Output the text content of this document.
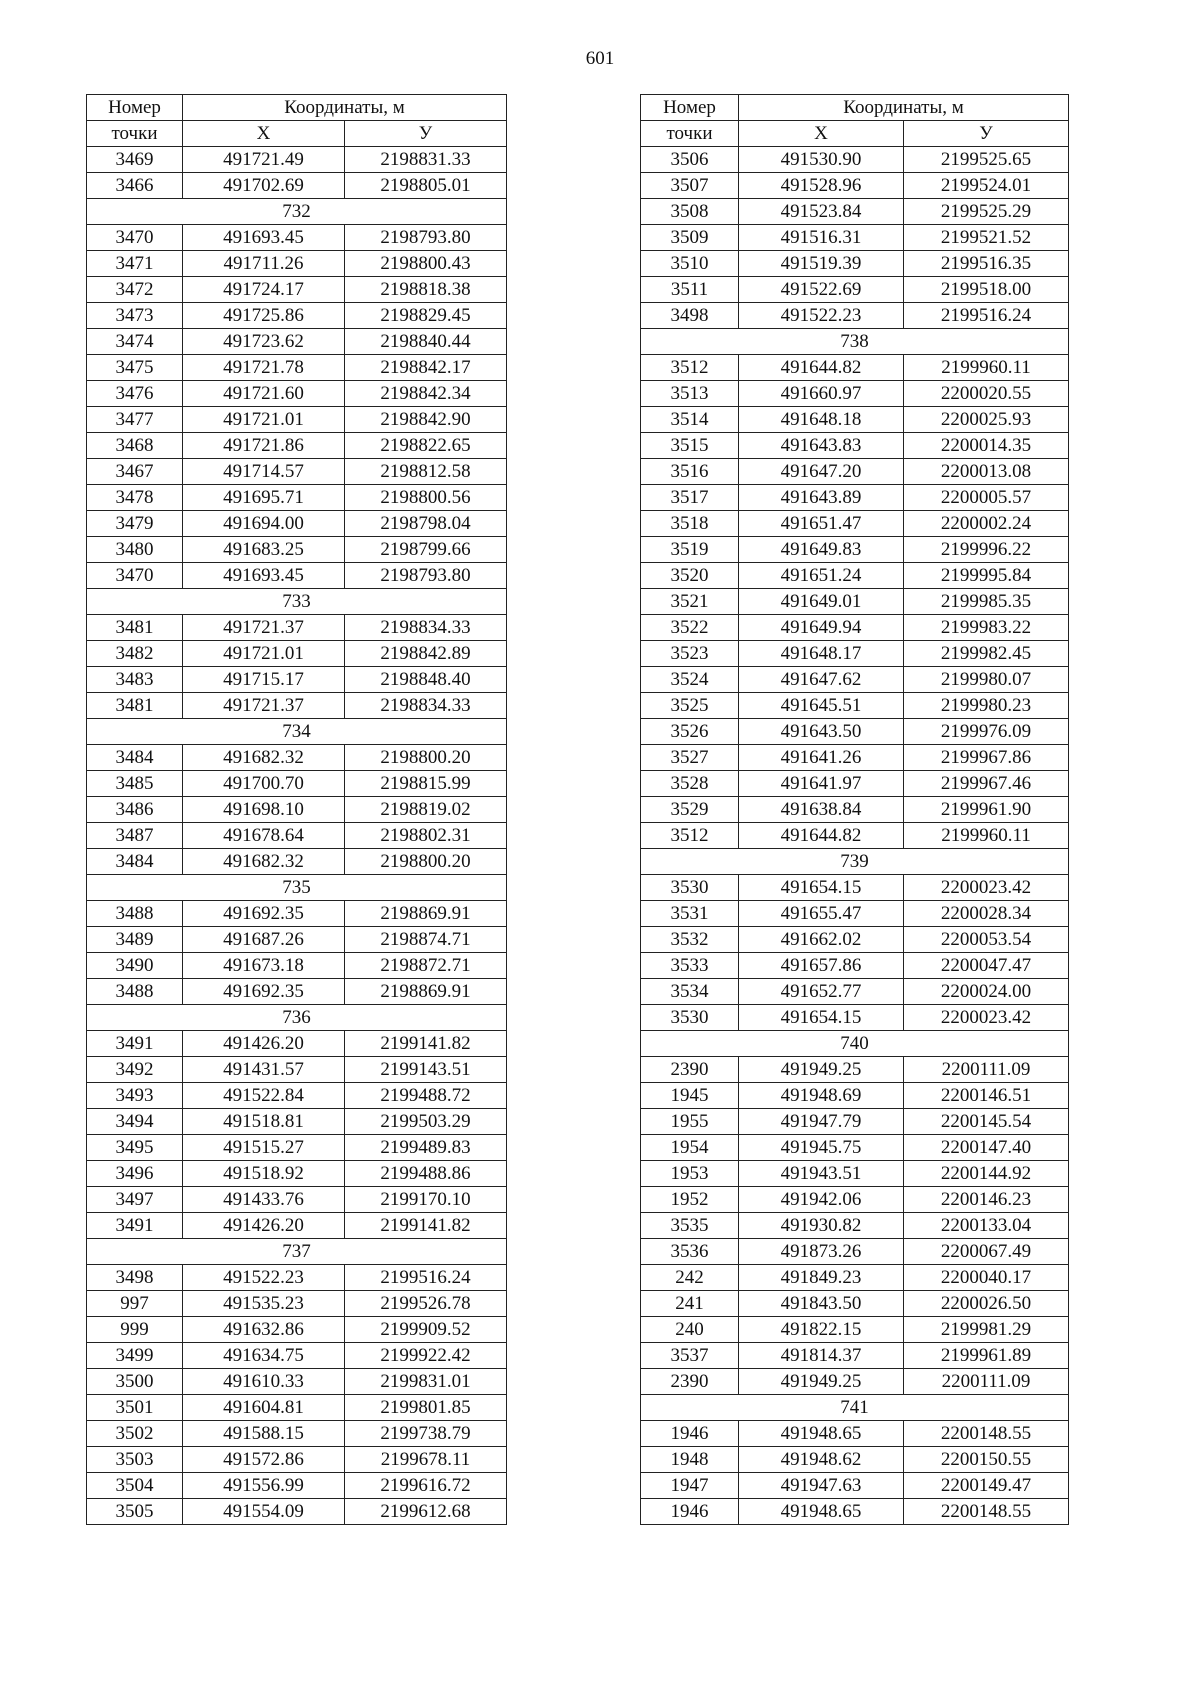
601
Номер	Координаты, м	
точки	X	У
3469	491721.49	2198831.33
3466	491702.69	2198805.01
732		
3470	491693.45	2198793.80
3471	491711.26	2198800.43
3472	491724.17	2198818.38
3473	491725.86	2198829.45
3474	491723.62	2198840.44
3475	491721.78	2198842.17
3476	491721.60	2198842.34
3477	491721.01	2198842.90
3468	491721.86	2198822.65
3467	491714.57	2198812.58
3478	491695.71	2198800.56
3479	491694.00	2198798.04
3480	491683.25	2198799.66
3470	491693.45	2198793.80
733		
3481	491721.37	2198834.33
3482	491721.01	2198842.89
3483	491715.17	2198848.40
3481	491721.37	2198834.33
734		
3484	491682.32	2198800.20
3485	491700.70	2198815.99
3486	491698.10	2198819.02
3487	491678.64	2198802.31
3484	491682.32	2198800.20
735		
3488	491692.35	2198869.91
3489	491687.26	2198874.71
3490	491673.18	2198872.71
3488	491692.35	2198869.91
736		
3491	491426.20	2199141.82
3492	491431.57	2199143.51
3493	491522.84	2199488.72
3494	491518.81	2199503.29
3495	491515.27	2199489.83
3496	491518.92	2199488.86
3497	491433.76	2199170.10
3491	491426.20	2199141.82
737		
3498	491522.23	2199516.24
997	491535.23	2199526.78
999	491632.86	2199909.52
3499	491634.75	2199922.42
3500	491610.33	2199831.01
3501	491604.81	2199801.85
3502	491588.15	2199738.79
3503	491572.86	2199678.11
3504	491556.99	2199616.72
3505	491554.09	2199612.68
Номер	Координаты, м	
точки	X	У
3506	491530.90	2199525.65
3507	491528.96	2199524.01
3508	491523.84	2199525.29
3509	491516.31	2199521.52
3510	491519.39	2199516.35
3511	491522.69	2199518.00
3498	491522.23	2199516.24
738		
3512	491644.82	2199960.11
3513	491660.97	2200020.55
3514	491648.18	2200025.93
3515	491643.83	2200014.35
3516	491647.20	2200013.08
3517	491643.89	2200005.57
3518	491651.47	2200002.24
3519	491649.83	2199996.22
3520	491651.24	2199995.84
3521	491649.01	2199985.35
3522	491649.94	2199983.22
3523	491648.17	2199982.45
3524	491647.62	2199980.07
3525	491645.51	2199980.23
3526	491643.50	2199976.09
3527	491641.26	2199967.86
3528	491641.97	2199967.46
3529	491638.84	2199961.90
3512	491644.82	2199960.11
739		
3530	491654.15	2200023.42
3531	491655.47	2200028.34
3532	491662.02	2200053.54
3533	491657.86	2200047.47
3534	491652.77	2200024.00
3530	491654.15	2200023.42
740		
2390	491949.25	2200111.09
1945	491948.69	2200146.51
1955	491947.79	2200145.54
1954	491945.75	2200147.40
1953	491943.51	2200144.92
1952	491942.06	2200146.23
3535	491930.82	2200133.04
3536	491873.26	2200067.49
242	491849.23	2200040.17
241	491843.50	2200026.50
240	491822.15	2199981.29
3537	491814.37	2199961.89
2390	491949.25	2200111.09
741		
1946	491948.65	2200148.55
1948	491948.62	2200150.55
1947	491947.63	2200149.47
1946	491948.65	2200148.55
